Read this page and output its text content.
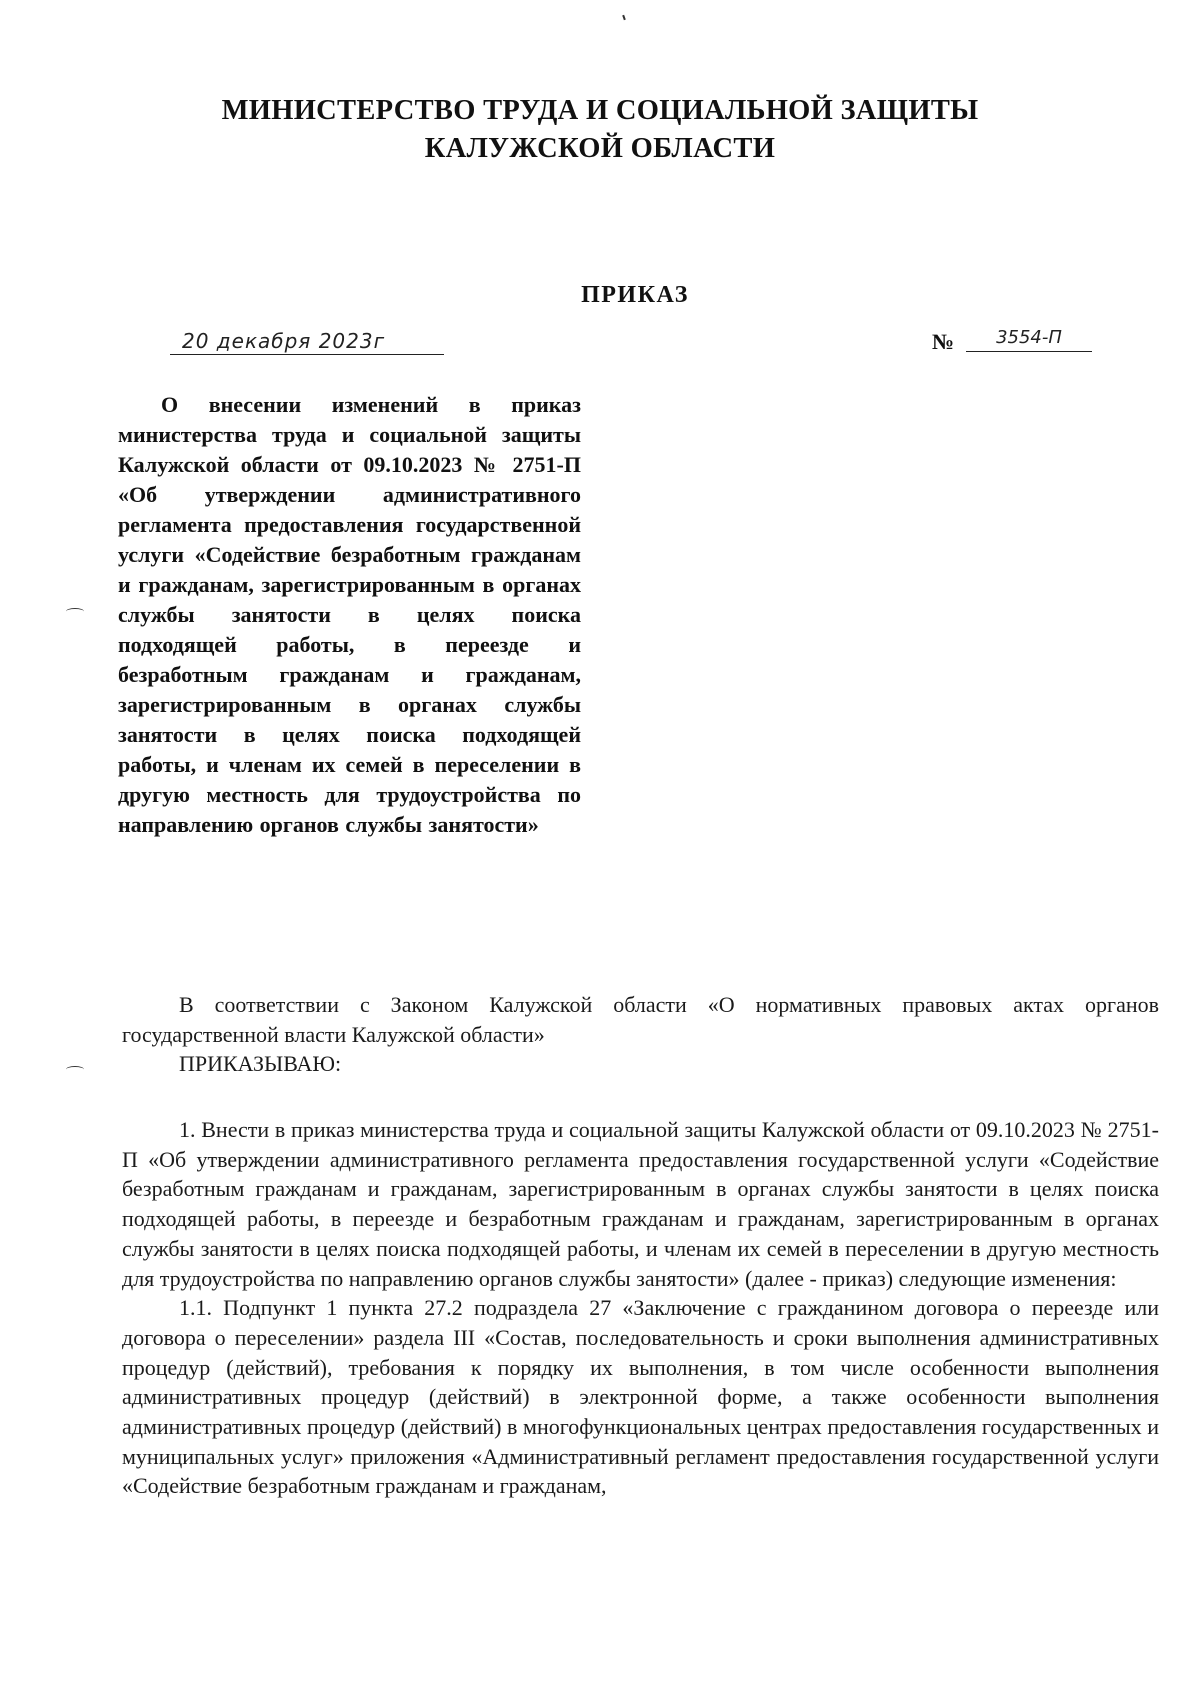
МИНИСТЕРСТВО ТРУДА И СОЦИАЛЬНОЙ ЗАЩИТЫ
КАЛУЖСКОЙ ОБЛАСТИ
ПРИКАЗ
20 декабря 2023г	№	3554-П
О внесении изменений в приказ министерства труда и социальной защиты Калужской области от 09.10.2023 № 2751-П «Об утверждении административного регламента предоставления государственной услуги «Содействие безработным гражданам и гражданам, зарегистрированным в органах службы занятости в целях поиска подходящей работы, в переезде и безработным гражданам и гражданам, зарегистрированным в органах службы занятости в целях поиска подходящей работы, и членам их семей в переселении в другую местность для трудоустройства по направлению органов службы занятости»

В соответствии с Законом Калужской области «О нормативных правовых актах органов государственной власти Калужской области»

ПРИКАЗЫВАЮ:

1. Внести в приказ министерства труда и социальной защиты Калужской области от 09.10.2023 № 2751-П «Об утверждении административного регламента предоставления государственной услуги «Содействие безработным гражданам и гражданам, зарегистрированным в органах службы занятости в целях поиска подходящей работы, в переезде и безработным гражданам и гражданам, зарегистрированным в органах службы занятости в целях поиска подходящей работы, и членам их семей в переселении в другую местность для трудоустройства по направлению органов службы занятости» (далее - приказ) следующие изменения:

1.1. Подпункт 1 пункта 27.2 подраздела 27 «Заключение с гражданином договора о переезде или договора о переселении» раздела III «Состав, последовательность и сроки выполнения административных процедур (действий), требования к порядку их выполнения, в том числе особенности выполнения административных процедур (действий) в электронной форме, а также особенности выполнения административных процедур (действий) в многофункциональных центрах предоставления государственных и муниципальных услуг» приложения «Административный регламент предоставления государственной услуги «Содействие безработным гражданам и гражданам,
